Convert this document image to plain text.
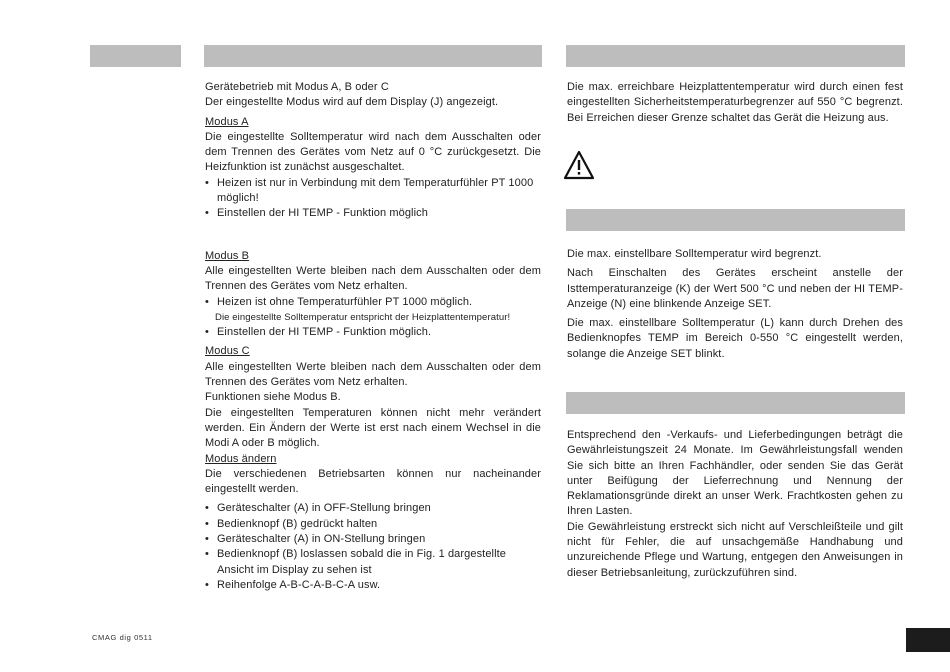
Gerätebetrieb mit Modus A, B oder C

Der eingestellte Modus wird auf dem Display (J) angezeigt.

Modus A

Die eingestellte Solltemperatur wird nach dem Ausschalten oder dem Trennen des Gerätes vom Netz auf 0 °C zurückgesetzt. Die Heizfunktion ist zunächst ausgeschaltet.

• Heizen ist nur in Verbindung mit dem Temperaturfühler PT 1000 möglich!
• Einstellen der HI TEMP - Funktion möglich

Modus B

Alle eingestellten Werte bleiben nach dem Ausschalten oder dem Trennen des Gerätes vom Netz erhalten.

• Heizen ist ohne Temperaturfühler PT 1000 möglich.

Die eingestellte Solltemperatur entspricht der Heizplattentemperatur!

• Einstellen der HI TEMP - Funktion möglich.

Modus C

Alle eingestellten Werte bleiben nach dem Ausschalten oder dem Trennen des Gerätes vom Netz erhalten.

Funktionen siehe Modus B.

Die eingestellten Temperaturen können nicht mehr verändert werden. Ein Ändern der Werte ist erst nach einem Wechsel in die Modi A oder B möglich.

Modus ändern

Die verschiedenen Betriebsarten können nur nacheinander eingestellt werden.

• Geräteschalter (A) in OFF-Stellung bringen
• Bedienknopf (B) gedrückt halten
• Geräteschalter (A) in ON-Stellung bringen
• Bedienknopf (B) loslassen sobald die in Fig. 1 dargestellte Ansicht im Display zu sehen ist
• Reihenfolge A-B-C-A-B-C-A usw.

Die max. erreichbare Heizplattentemperatur wird durch einen fest eingestellten Sicherheitstemperaturbegrenzer auf 550 °C begrenzt. Bei Erreichen dieser Grenze schaltet das Gerät die Heizung aus.

Die max. einstellbare Solltemperatur wird begrenzt.

Nach Einschalten des Gerätes erscheint anstelle der Isttemperaturanzeige (K) der Wert 500 °C und neben der HI TEMP-Anzeige (N) eine blinkende Anzeige SET.

Die max. einstellbare Solltemperatur (L) kann durch Drehen des Bedienknopfes TEMP im Bereich 0-550 °C eingestellt werden, solange die Anzeige SET blinkt.

Entsprechend den -Verkaufs- und Lieferbedingungen beträgt die Gewährleistungszeit 24 Monate. Im Gewährleistungsfall wenden Sie sich bitte an Ihren Fachhändler, oder senden Sie das Gerät unter Beifügung der Lieferrechnung und Nennung der Reklamationsgründe direkt an unser Werk. Frachtkosten gehen zu Ihren Lasten.

Die Gewährleistung erstreckt sich nicht auf Verschleißteile und gilt nicht für Fehler, die auf unsachgemäße Handhabung und unzureichende Pflege und Wartung, entgegen den Anweisungen in dieser Betriebsanleitung, zurückzuführen sind.

CMAG dig 0511
